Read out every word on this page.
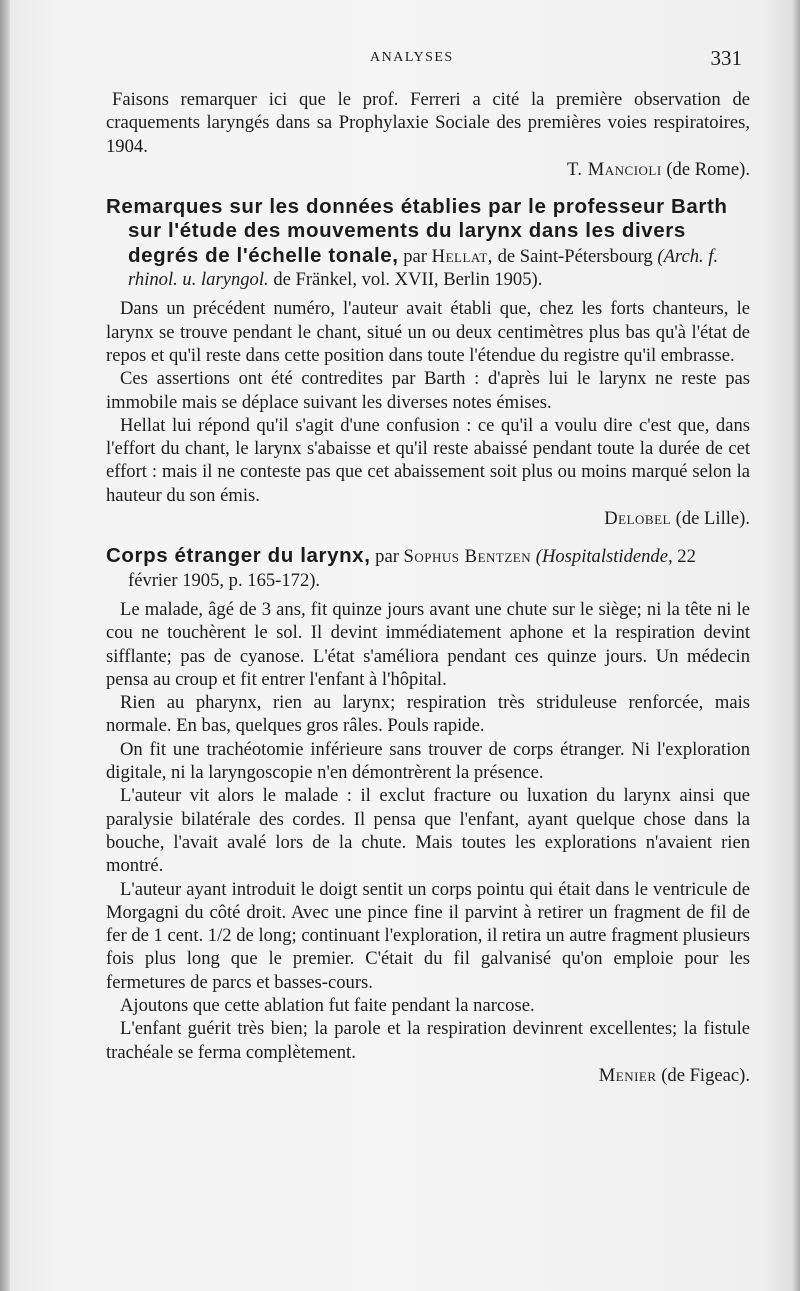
ANALYSES	331

Faisons remarquer ici que le prof. Ferreri a cité la première observation de craquements laryngés dans sa Prophylaxie Sociale des premières voies respiratoires, 1904.

T. Mancioli (de Rome).
Remarques sur les données établies par le professeur Barth sur l'étude des mouvements du larynx dans les divers degrés de l'échelle tonale, par Hellat, de Saint-Pétersbourg (Arch. f. rhinol. u. laryngol. de Fränkel, vol. XVII, Berlin 1905).

Dans un précédent numéro, l'auteur avait établi que, chez les forts chanteurs, le larynx se trouve pendant le chant, situé un ou deux centimètres plus bas qu'à l'état de repos et qu'il reste dans cette position dans toute l'étendue du registre qu'il embrasse.

Ces assertions ont été contredites par Barth : d'après lui le larynx ne reste pas immobile mais se déplace suivant les diverses notes émises.

Hellat lui répond qu'il s'agit d'une confusion : ce qu'il a voulu dire c'est que, dans l'effort du chant, le larynx s'abaisse et qu'il reste abaissé pendant toute la durée de cet effort : mais il ne conteste pas que cet abaissement soit plus ou moins marqué selon la hauteur du son émis.

Delobel (de Lille).
Corps étranger du larynx, par Sophus Bentzen (Hospitalstidende, 22 février 1905, p. 165-172).

Le malade, âgé de 3 ans, fit quinze jours avant une chute sur le siège; ni la tête ni le cou ne touchèrent le sol. Il devint immédiatement aphone et la respiration devint sifflante; pas de cyanose. L'état s'améliora pendant ces quinze jours. Un médecin pensa au croup et fit entrer l'enfant à l'hôpital.

Rien au pharynx, rien au larynx; respiration très striduleuse renforcée, mais normale. En bas, quelques gros râles. Pouls rapide.

On fit une trachéotomie inférieure sans trouver de corps étranger. Ni l'exploration digitale, ni la laryngoscopie n'en démontrèrent la présence.

L'auteur vit alors le malade : il exclut fracture ou luxation du larynx ainsi que paralysie bilatérale des cordes. Il pensa que l'enfant, ayant quelque chose dans la bouche, l'avait avalé lors de la chute. Mais toutes les explorations n'avaient rien montré.

L'auteur ayant introduit le doigt sentit un corps pointu qui était dans le ventricule de Morgagni du côté droit. Avec une pince fine il parvint à retirer un fragment de fil de fer de 1 cent. 1/2 de long; continuant l'exploration, il retira un autre fragment plusieurs fois plus long que le premier. C'était du fil galvanisé qu'on emploie pour les fermetures de parcs et basses-cours.

Ajoutons que cette ablation fut faite pendant la narcose.

L'enfant guérit très bien; la parole et la respiration devinrent excellentes; la fistule trachéale se ferma complètement.

Menier (de Figeac).
